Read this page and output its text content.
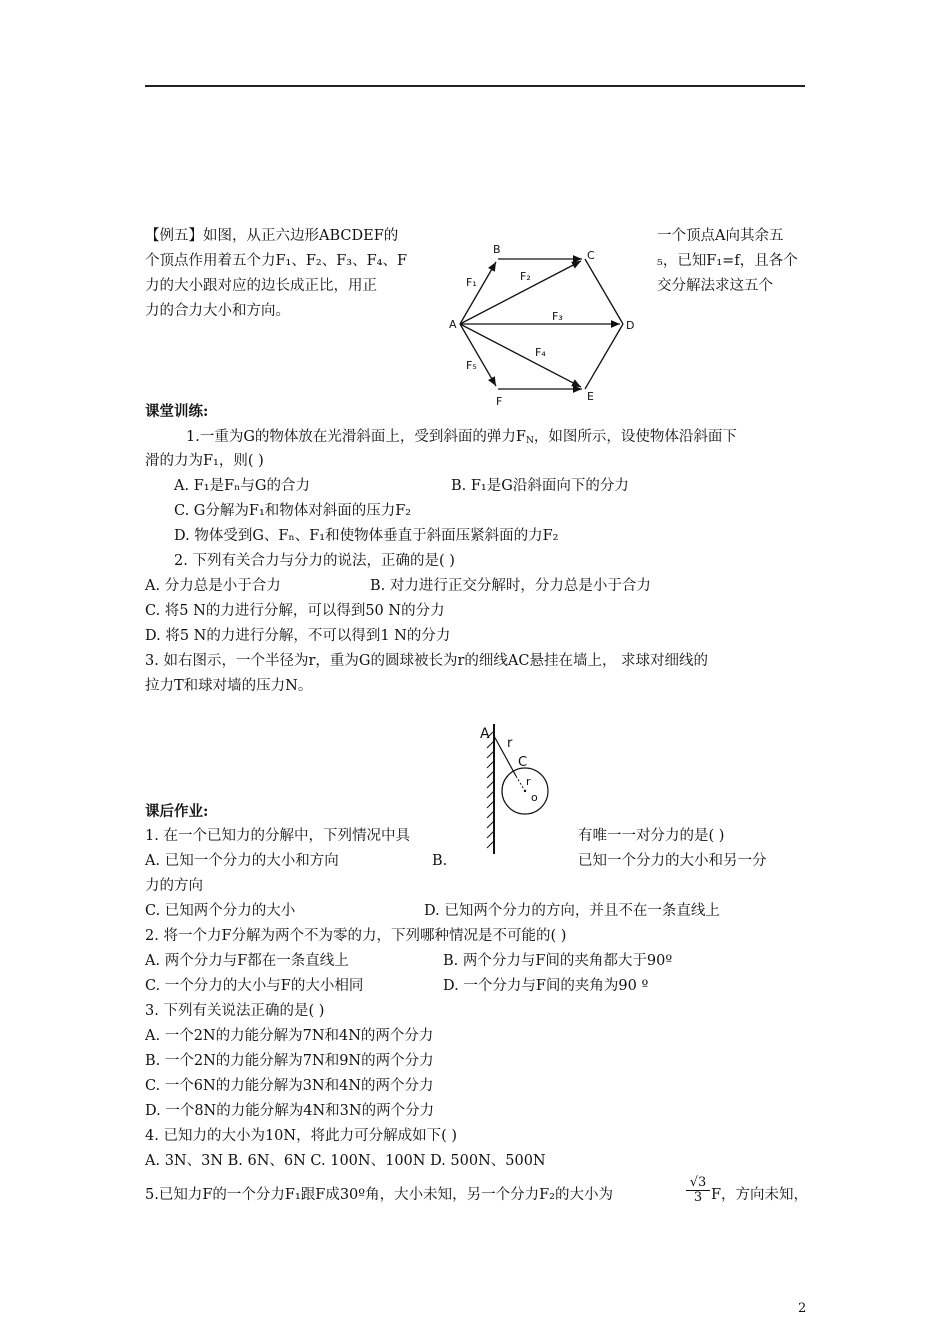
【例五】如图，从正六边形ABCDEF的
个顶点作用着五个力F₁、F₂、F₃、F₄、F
力的大小跟对应的边长成正比，用正
力的合力大小和方向。
一个顶点A向其余五
₅，已知F₁=f，且各个
交分解法求这五个
B	C
A	D
E
F
F₁	F₂
F₃
F₄
F₅
课堂训练:
1.一重为G的物体放在光滑斜面上，受到斜面的弹力$F_N$，如图所示，设使物体沿斜面下
滑的力为F₁，则( )
A. F₁是Fₙ与G的合力	B. F₁是G沿斜面向下的分力
C. G分解为F₁和物体对斜面的压力F₂
D. 物体受到G、Fₙ、F₁和使物体垂直于斜面压紧斜面的力F₂
2. 下列有关合力与分力的说法，正确的是( )
A. 分力总是小于合力	B. 对力进行正交分解时，分力总是小于合力
C. 将5 N的力进行分解，可以得到50 N的分力
D. 将5 N的力进行分解，不可以得到1 N的分力
3. 如右图示，一个半径为r，重为G的圆球被长为r的细线AC悬挂在墙上， 求球对细线的
拉力T和球对墙的压力N。
A
r
C
r
o
课后作业:
1. 在一个已知力的分解中，下列情况中具	有唯一一对分力的是( )
A. 已知一个分力的大小和方向	B.	已知一个分力的大小和另一分
力的方向
C. 已知两个分力的大小	D. 已知两个分力的方向，并且不在一条直线上
2. 将一个力F分解为两个不为零的力，下列哪种情况是不可能的( )
A. 两个分力与F都在一条直线上	B. 两个分力与F间的夹角都大于90º
C. 一个分力的大小与F的大小相同	D. 一个分力与F间的夹角为90 º
3. 下列有关说法正确的是( )
A. 一个2N的力能分解为7N和4N的两个分力
B. 一个2N的力能分解为7N和9N的两个分力
C. 一个6N的力能分解为3N和4N的两个分力
D. 一个8N的力能分解为4N和3N的两个分力
4. 已知力的大小为10N，将此力可分解成如下( )
A. 3N、3N B. 6N、6N C. 100N、100N D. 500N、500N
5.已知力F的一个分力F₁跟F成30º角，大小未知，另一个分力F₂的大小为	$\frac{√3}{3}$ F，方向未知，
2
